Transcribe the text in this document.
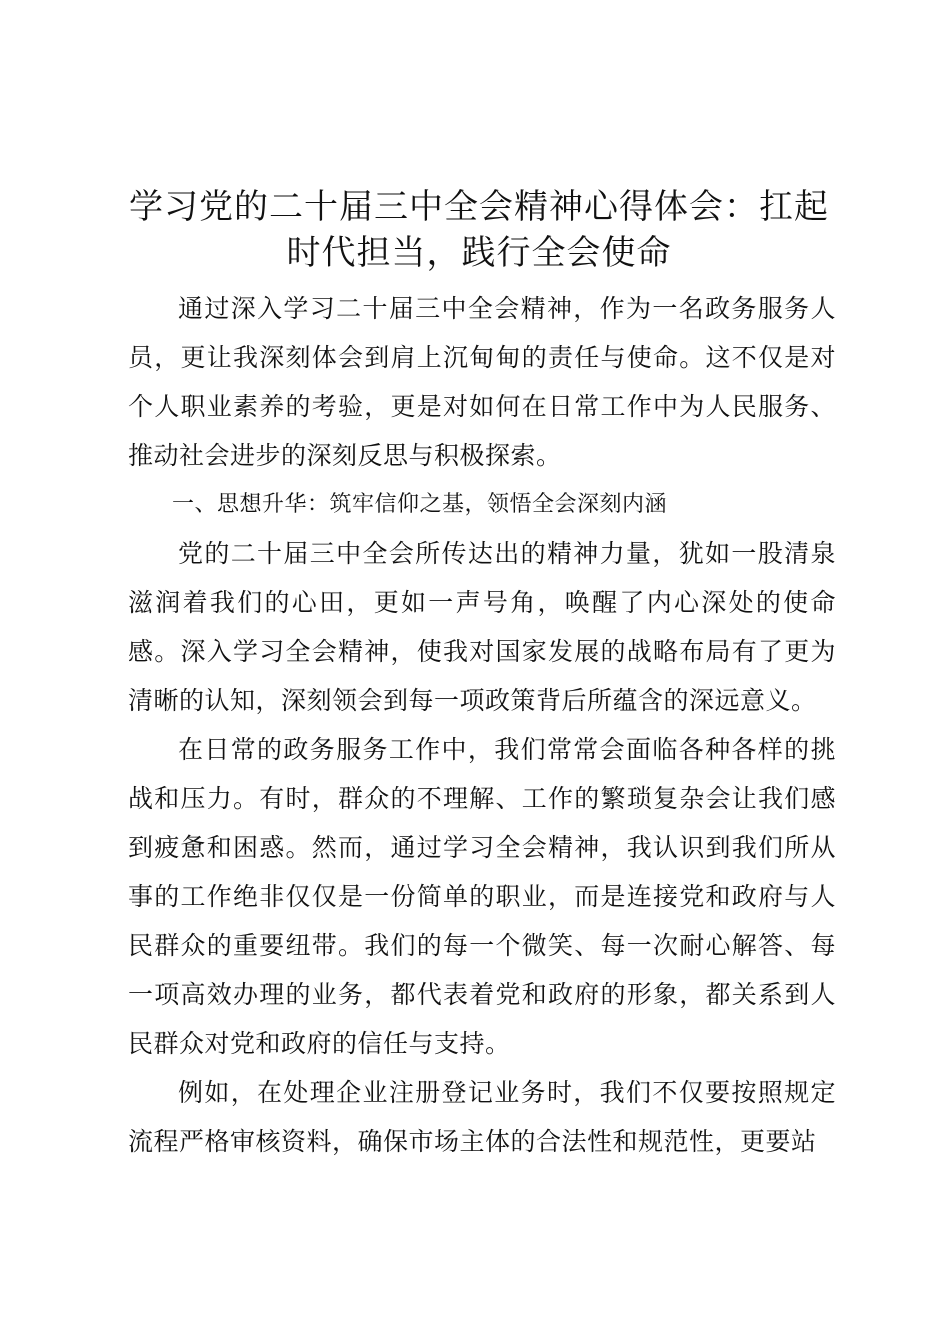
学习党的二十届三中全会精神心得体会：扛起时代担当，践行全会使命

通过深入学习二十届三中全会精神，作为一名政务服务人员，更让我深刻体会到肩上沉甸甸的责任与使命。这不仅是对个人职业素养的考验，更是对如何在日常工作中为人民服务、推动社会进步的深刻反思与积极探索。

一、思想升华：筑牢信仰之基，领悟全会深刻内涵

党的二十届三中全会所传达出的精神力量，犹如一股清泉滋润着我们的心田，更如一声号角，唤醒了内心深处的使命感。深入学习全会精神，使我对国家发展的战略布局有了更为清晰的认知，深刻领会到每一项政策背后所蕴含的深远意义。

在日常的政务服务工作中，我们常常会面临各种各样的挑战和压力。有时，群众的不理解、工作的繁琐复杂会让我们感到疲惫和困惑。然而，通过学习全会精神，我认识到我们所从事的工作绝非仅仅是一份简单的职业，而是连接党和政府与人民群众的重要纽带。我们的每一个微笑、每一次耐心解答、每一项高效办理的业务，都代表着党和政府的形象，都关系到人民群众对党和政府的信任与支持。

例如，在处理企业注册登记业务时，我们不仅要按照规定流程严格审核资料，确保市场主体的合法性和规范性，更要站
